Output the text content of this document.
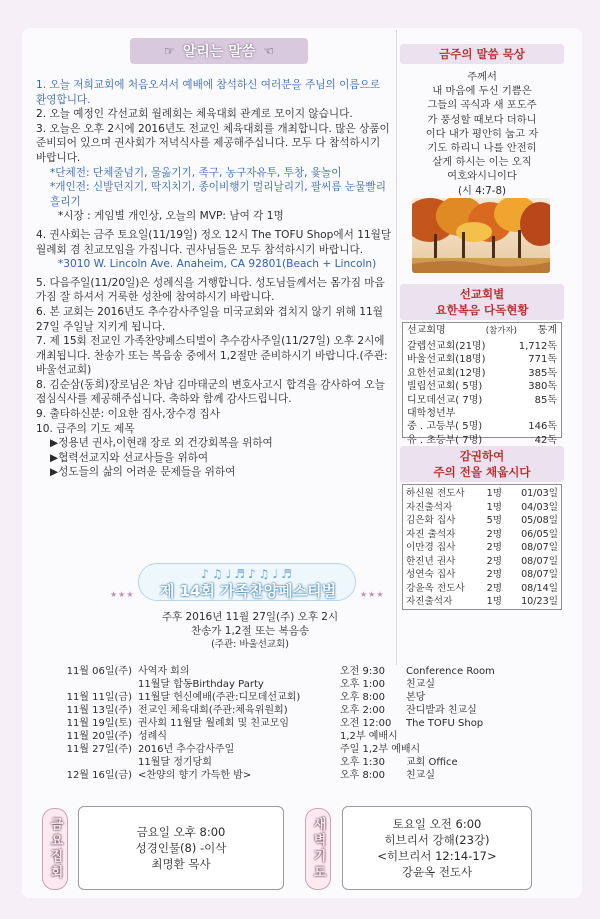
☞ 알리는 말씀 ☜

1. 오늘 저희교회에 처음오셔서 예배에 참석하신 여러분을 주님의 이름으로 환영합니다.

2. 오늘 예정인 각선교회 월례회는 체육대회 관계로 모이지 않습니다.

3. 오늘은 오후 2시에 2016년도 전교인 체육대회를 개최합니다. 많은 상품이 준비되어 있으며 권사회가 저녁식사를 제공해주십니다. 모두 다 참석하시기 바랍니다.

*단체전: 단체줄넘기, 물옮기기, 족구, 농구자유투, 투창, 윷놀이

*개인전: 신발던지기, 딱지치기, 종이비행기 멀리날리기, 팔씨름 눈물빨리흘리기

*시장 : 게임별 개인상, 오늘의 MVP: 남여 각 1명

4. 권사회는 금주 토요일(11/19일) 정오 12시 The TOFU Shop에서 11월달 월례회 겸 친교모임을 가집니다. 권사님들은 모두 참석하시기 바랍니다.

*3010 W. Lincoln Ave. Anaheim, CA 92801(Beach + Lincoln)

5. 다음주일(11/20일)은 성례식을 거행합니다. 성도님들께서는 몸가짐 마음가짐 잘 하셔서 거룩한 성찬에 참여하시기 바랍니다.

6. 본 교회는 2016년도 추수감사주일을 미국교회와 겹치지 않기 위해 11월 27일 주일날 지키게 됩니다.

7. 제 15회 전교인 가족찬양페스티벌이 추수감사주일(11/27일) 오후 2시에 개최됩니다. 찬송가 또는 복음송 중에서 1,2절만 준비하시기 바랍니다.(주관: 바울선교회)

8. 김순삼(동희)장로님은 차남 김마태군의 변호사고시 합격을 감사하여 오늘 점심식사를 제공해주십니다. 축하와 함께 감사드립니다.

9. 출타하신분: 이요한 집사,장수경 집사

10. 금주의 기도 제목

▶정용년 권사,이현래 장로 외 건강회복을 위하여

▶협력선교지와 선교사들을 위하여

▶성도들의 삶의 어려운 문제들을 위하여

♪♫♩♬♪♫♩♬
제 14회 가족찬양페스티벌
★★★	★★★
주후 2016년 11월 27일(주) 오후 2시
찬송가 1,2절 또는 복음송
(주관: 바울선교회)
금주의 말씀 묵상
주께서
내 마음에 두신 기쁨은
그들의 곡식과 새 포도주
가 풍성할 때보다 더하니
이다 내가 평안히 눕고 자
기도 하리니 나를 안전히
살게 하시는 이는 오직
여호와시니이다
(시 4:7-8)
선교회별
요한복음 다독현황
선교회명	(참가자)	통계
갈렙선교회(21명)	1,712독
바울선교회(18명)	771독
요한선교회(12명)	385독
빌립선교회( 5명)	380독
디모데선교( 7명)	85독
대학청년부
중 . 고등부( 5명)	146독
유 . 초등부( 7명)	42독
감권하여
주의 전을 채웁시다
하신원 전도사	1명	01/03일
자진출석자	1명	04/03일
김은화 집사	5명	05/08일
자진 출석자	2명	06/05일
이만경 집사	2명	08/07일
한진년 권사	2명	08/07일
성연숙 집사	2명	08/07일
강윤옥 전도사	2명	08/14일
자진출석자	1명	10/23일
11월 06일(주) 사역자 회의	오전 9:30	Conference Room
11월달 합동Birthday Party	오후 1:00	친교실
11월 11일(금) 11월달 헌신예배(주관:디모데선교회)	오후 8:00	본당
11월 13일(주) 전교인 체육대회(주관:체육위원회)	오후 2:00	잔디밭과 친교실
11월 19일(토) 권사회 11월달 월례회 및 친교모임	오전 12:00	The TOFU Shop
11월 20일(주) 성례식	1,2부 예배시
11월 27일(주) 2016년 추수감사주일	주일 1,2부 예배시
11월달 정기당회	오후 1:30	교회 Office
12월 16일(금) <찬양의 향기 가득한 밤>	오후 8:00	친교실
금요집회	금요일 오후 8:00
성경인물(8) -이삭
최명환 목사	새벽기도	토요일 오전 6:00
히브리서 강해(23강)
<히브리서 12:14-17>
강윤옥 전도사
